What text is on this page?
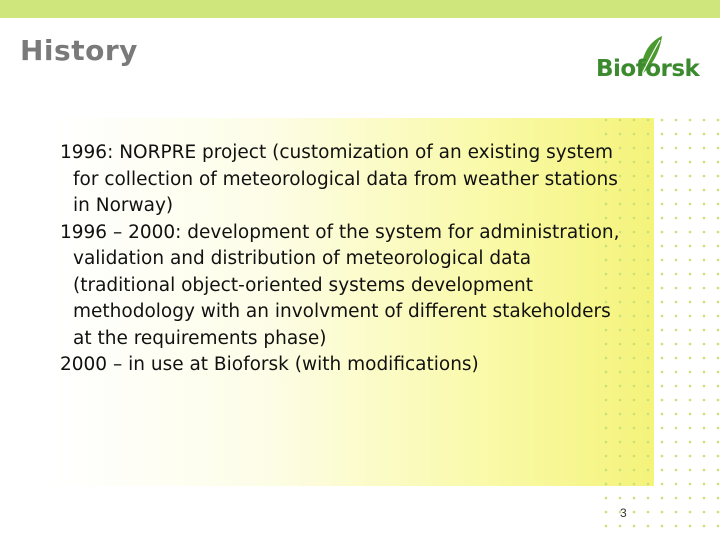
History
Bioforsk

1996: NORPRE project (customization of an existing system for collection of meteorological data from weather stations in Norway)

1996 – 2000: development of the system for administration, validation and distribution of meteorological data (traditional object-oriented systems development methodology with an involvment of different stakeholders at the requirements phase)

2000 – in use at Bioforsk (with modifications)

3
